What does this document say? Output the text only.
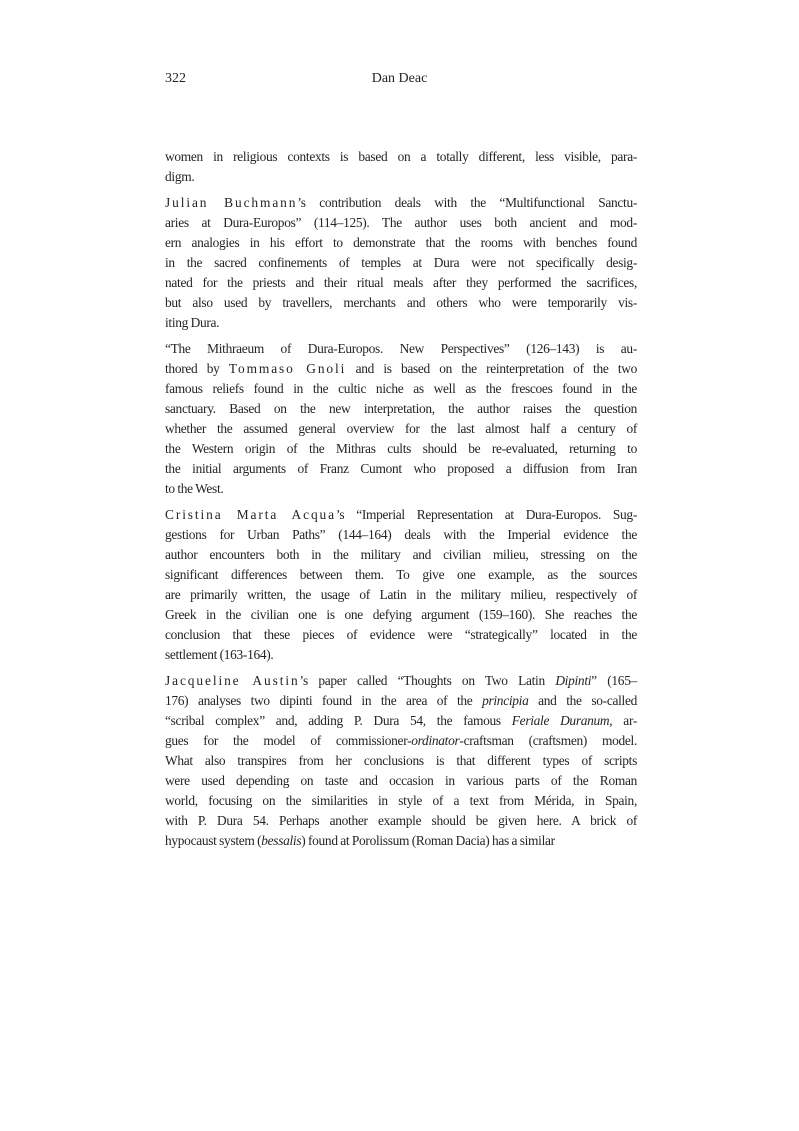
322	Dan Deac
women in religious contexts is based on a totally different, less visible, para-
digm.
Julian Buchmann’s contribution deals with the “Multifunctional Sanctu-
aries at Dura-Europos” (114–125). The author uses both ancient and mod-
ern analogies in his effort to demonstrate that the rooms with benches found
in the sacred confinements of temples at Dura were not specifically desig-
nated for the priests and their ritual meals after they performed the sacrifices,
but also used by travellers, merchants and others who were temporarily vis-
iting Dura.
“The Mithraeum of Dura-Europos. New Perspectives” (126–143) is au-
thored by Tommaso Gnoli and is based on the reinterpretation of the two
famous reliefs found in the cultic niche as well as the frescoes found in the
sanctuary. Based on the new interpretation, the author raises the question
whether the assumed general overview for the last almost half a century of
the Western origin of the Mithras cults should be re-evaluated, returning to
the initial arguments of Franz Cumont who proposed a diffusion from Iran
to the West.
Cristina Marta Acqua’s “Imperial Representation at Dura-Europos. Sug-
gestions for Urban Paths” (144–164) deals with the Imperial evidence the
author encounters both in the military and civilian milieu, stressing on the
significant differences between them. To give one example, as the sources
are primarily written, the usage of Latin in the military milieu, respectively of
Greek in the civilian one is one defying argument (159–160). She reaches the
conclusion that these pieces of evidence were “strategically” located in the
settlement (163-164).
Jacqueline Austin’s paper called “Thoughts on Two Latin Dipinti” (165–
176) analyses two dipinti found in the area of the principia and the so-called
“scribal complex” and, adding P. Dura 54, the famous Feriale Duranum, ar-
gues for the model of commissioner-ordinator-craftsman (craftsmen) model.
What also transpires from her conclusions is that different types of scripts
were used depending on taste and occasion in various parts of the Roman
world, focusing on the similarities in style of a text from Mérida, in Spain,
with P. Dura 54. Perhaps another example should be given here. A brick of
hypocaust system (bessalis) found at Porolissum (Roman Dacia) has a similar
